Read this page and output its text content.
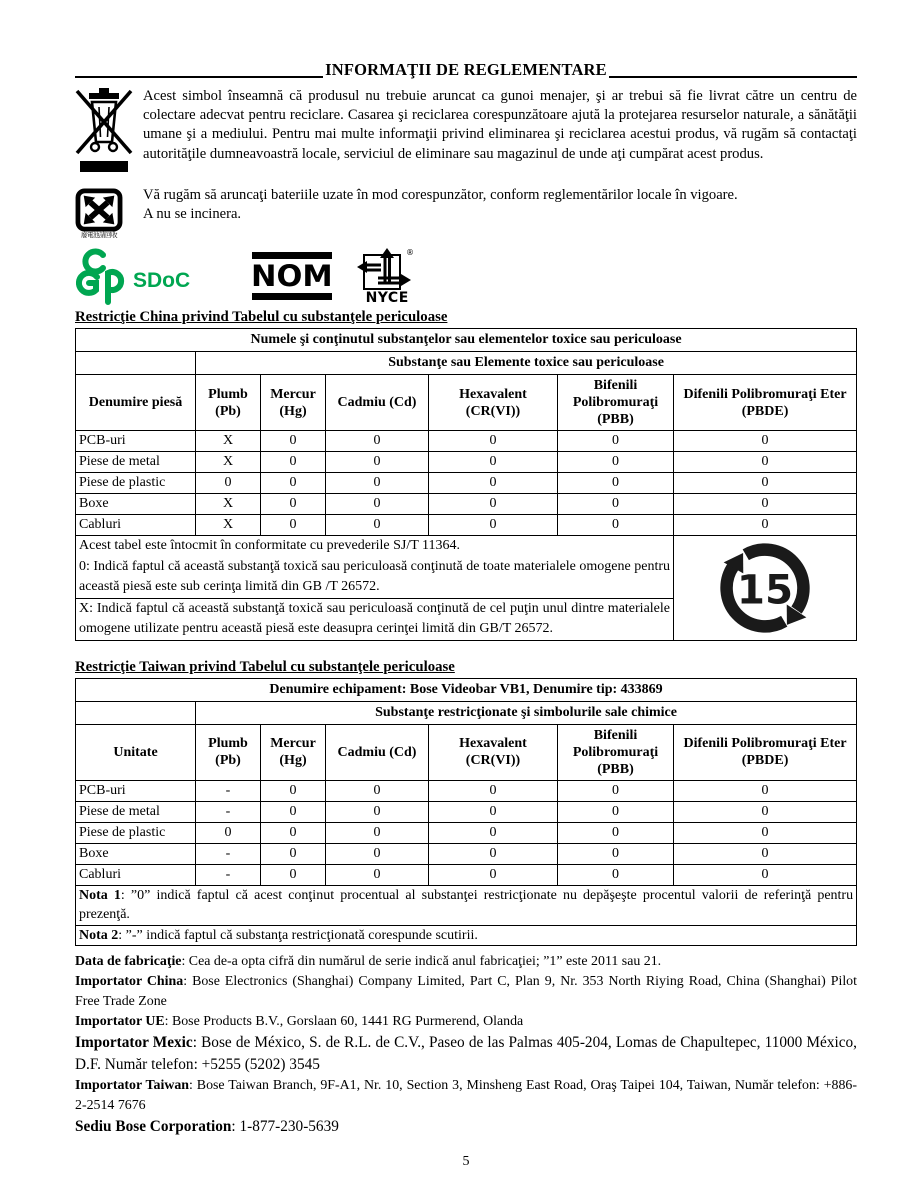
INFORMAŢII DE REGLEMENTARE
Acest simbol înseamnă că produsul nu trebuie aruncat ca gunoi menajer, şi ar trebui să fie livrat către un centru de colectare adecvat pentru reciclare. Casarea şi reciclarea corespunzătoare ajută la protejarea resurselor naturale, a sănătăţii umane şi a mediului. Pentru mai multe informaţii privind eliminarea şi reciclarea acestui produs, vă rugăm să contactaţi autorităţile dumneavoastră locale, serviciul de eliminare sau magazinul de unde aţi cumpărat acest produs.
廢電池請回收
Vă rugăm să aruncaţi bateriile uzate în mod corespunzător, conform reglementărilor locale în vigoare.
A nu se incinera.
SDoC NOM
®
NYCE
Restricţie China privind Tabelul cu substanţele periculoase
Numele şi conţinutul substanţelor sau elementelor toxice sau periculoase						
	Substanţe sau Elemente toxice sau periculoase					
Denumire piesă	Plumb (Pb)	Mercur (Hg)	Cadmiu (Cd)	Hexavalent (CR(VI))	Bifenili Polibromuraţi (PBB)	Difenili Polibromuraţi Eter (PBDE)
PCB-uri	X	0	0	0	0	0
Piese de metal	X	0	0	0	0	0
Piese de plastic	0	0	0	0	0	0
Boxe	X	0	0	0	0	0
Cabluri	X	0	0	0	0	0

Acest tabel este întocmit în conformitate cu prevederile SJ/T 11364.
0: Indică faptul că această substanţă toxică sau periculoasă conţinută de toate materialele omogene pentru această piesă este sub cerinţa limită din GB /T 26572.						15

X: Indică faptul că această substanţă toxică sau periculoasă conţinută de cel puţin unul dintre materialele omogene utilizate pentru această piesă este deasupra cerinţei limită din GB/T 26572.						
Restricţie Taiwan privind Tabelul cu substanţele periculoase
Denumire echipament: Bose Videobar VB1, Denumire tip: 433869						
	Substanţe restricţionate şi simbolurile sale chimice					
Unitate	Plumb (Pb)	Mercur (Hg)	Cadmiu (Cd)	Hexavalent (CR(VI))	Bifenili Polibromuraţi (PBB)	Difenili Polibromuraţi Eter (PBDE)
PCB-uri	-	0	0	0	0	0
Piese de metal	-	0	0	0	0	0
Piese de plastic	0	0	0	0	0	0
Boxe	-	0	0	0	0	0
Cabluri	-	0	0	0	0	0
Nota 1: ”0” indică faptul că acest conţinut procentual al substanţei restricţionate nu depăşeşte procentul valorii de referinţă pentru prezenţă.						
Nota 2: ”-” indică faptul că substanţa restricţionată corespunde scutirii.						
Data de fabricaţie: Cea de-a opta cifră din numărul de serie indică anul fabricaţiei; ”1” este 2011 sau 21.
Importator China: Bose Electronics (Shanghai) Company Limited, Part C, Plan 9, Nr. 353 North Riying Road, China (Shanghai) Pilot Free Trade Zone
Importator UE: Bose Products B.V., Gorslaan 60, 1441 RG Purmerend, Olanda
Importator Mexic: Bose de México, S. de R.L. de C.V., Paseo de las Palmas 405-204, Lomas de Chapultepec, 11000 México, D.F. Număr telefon: +5255 (5202) 3545
Importator Taiwan: Bose Taiwan Branch, 9F-A1, Nr. 10, Section 3, Minsheng East Road, Oraş Taipei 104, Taiwan, Număr telefon: +886-2-2514 7676
Sediu Bose Corporation: 1-877-230-5639
5
